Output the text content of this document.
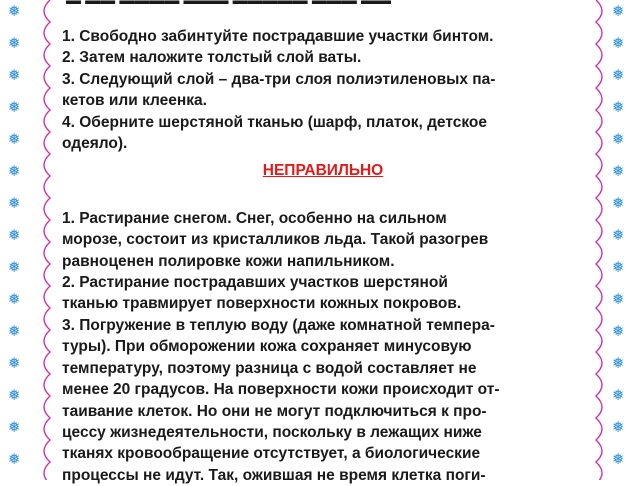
❅
❅
❅
❅
❅
❅
❅
❅
❅
❅
❅
❅
❅
❅
❅
❅
❅
❅
❅
❅
❅
❅
❅
❅
❅
❅
❅
❅
❅
❅

1. Свободно забинтуйте пострадавшие участки бинтом.

2. Затем наложите толстый слой ваты.

3. Следующий слой – два-три слоя полиэтиленовых па-
кетов или клеенка.

4. Оберните шерстяной тканью (шарф, платок, детское
одеяло).

НЕПРАВИЛЬНО

1. Растирание снегом. Снег, особенно на сильном
морозе, состоит из кристалликов льда. Такой разогрев
равноценен полировке кожи напильником.

2. Растирание пострадавших участков шерстяной
тканью травмирует поверхности кожных покровов.

3. Погружение в теплую воду (даже комнатной темпера-
туры). При обморожении кожа сохраняет минусовую
температуру, поэтому разница с водой составляет не
менее 20 градусов. На поверхности кожи происходит от-
таивание клеток. Но они не могут подключиться к про-
цессу жизнедеятельности, поскольку в лежащих ниже
тканях кровообращение отсутствует, а биологические
процессы не идут. Так, ожившая не время клетка поги-
